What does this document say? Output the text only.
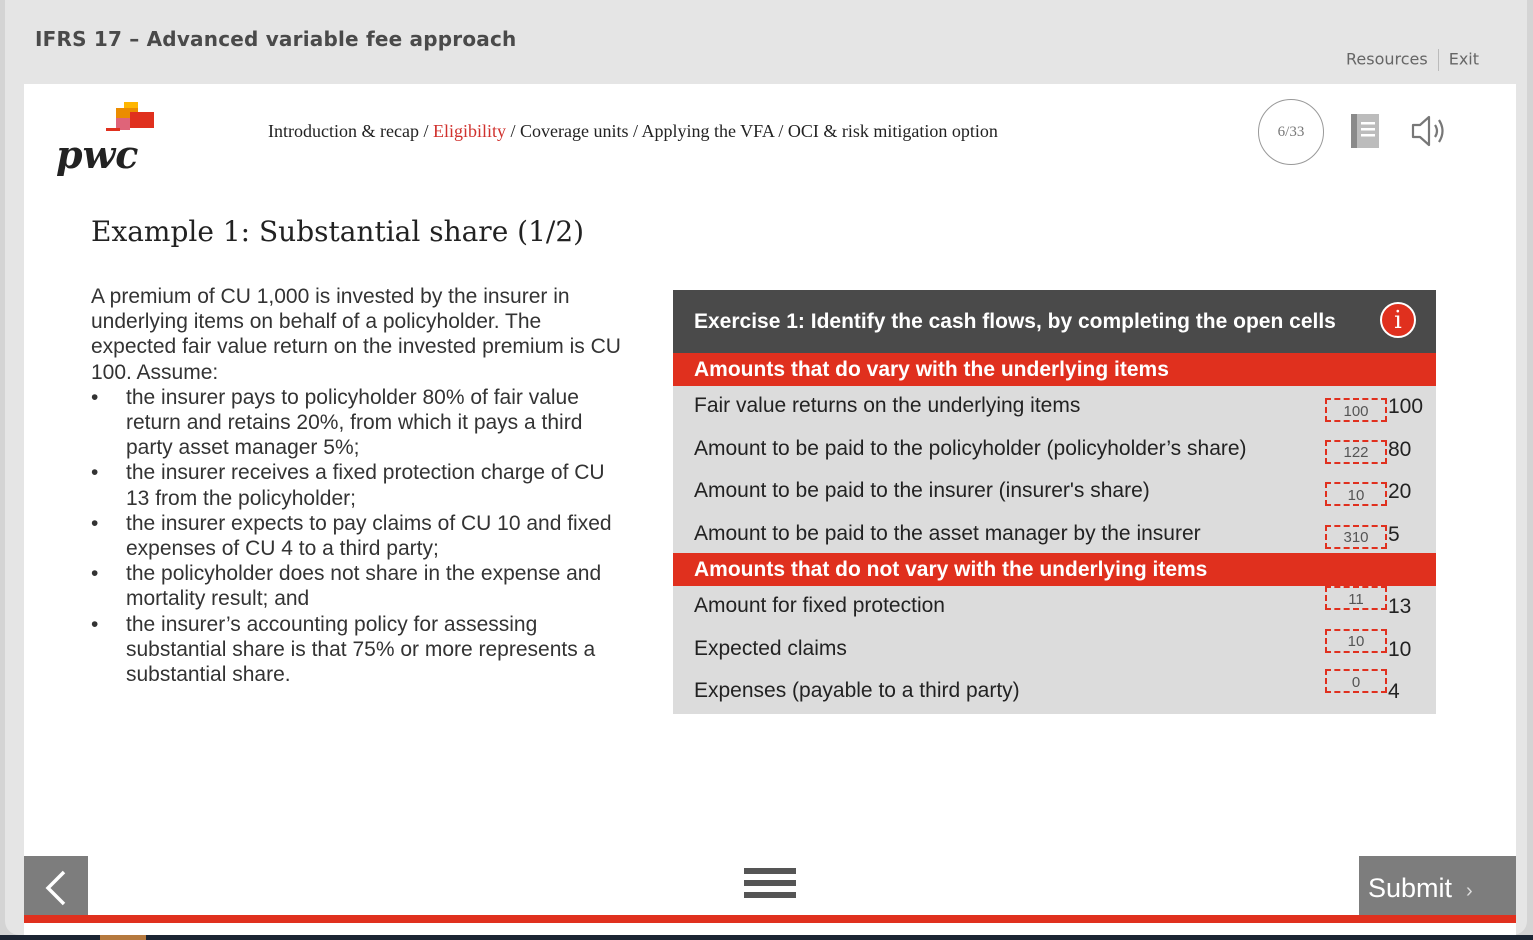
IFRS 17 – Advanced variable fee approach
Resources Exit
pwc
Introduction & recap / Eligibility / Coverage units / Applying the VFA / OCI & risk mitigation option	6/33
Example 1: Substantial share (1/2)
A premium of CU 1,000 is invested by the insurer in underlying items on behalf of a policyholder. The expected fair value return on the invested premium is CU 100. Assume:
• the insurer pays to policyholder 80% of fair value return and retains 20%, from which it pays a third party asset manager 5%;
• the insurer receives a fixed protection charge of CU 13 from the policyholder;
• the insurer expects to pay claims of CU 10 and fixed expenses of CU 4 to a third party;
• the policyholder does not share in the expense and mortality result; and
• the insurer’s accounting policy for assessing substantial share is that 75% or more represents a substantial share.
Exercise 1: Identify the cash flows, by completing the open cells	i
Amounts that do vary with the underlying items
Fair value returns on the underlying items
100	100
Amount to be paid to the policyholder (policyholder’s share)
122	80
Amount to be paid to the insurer (insurer's share)
10	20
Amount to be paid to the asset manager by the insurer
310	5
Amounts that do not vary with the underlying items
Amount for fixed protection
11	13
Expected claims
10	10
Expenses (payable to a third party)
0	4
Submit ›
